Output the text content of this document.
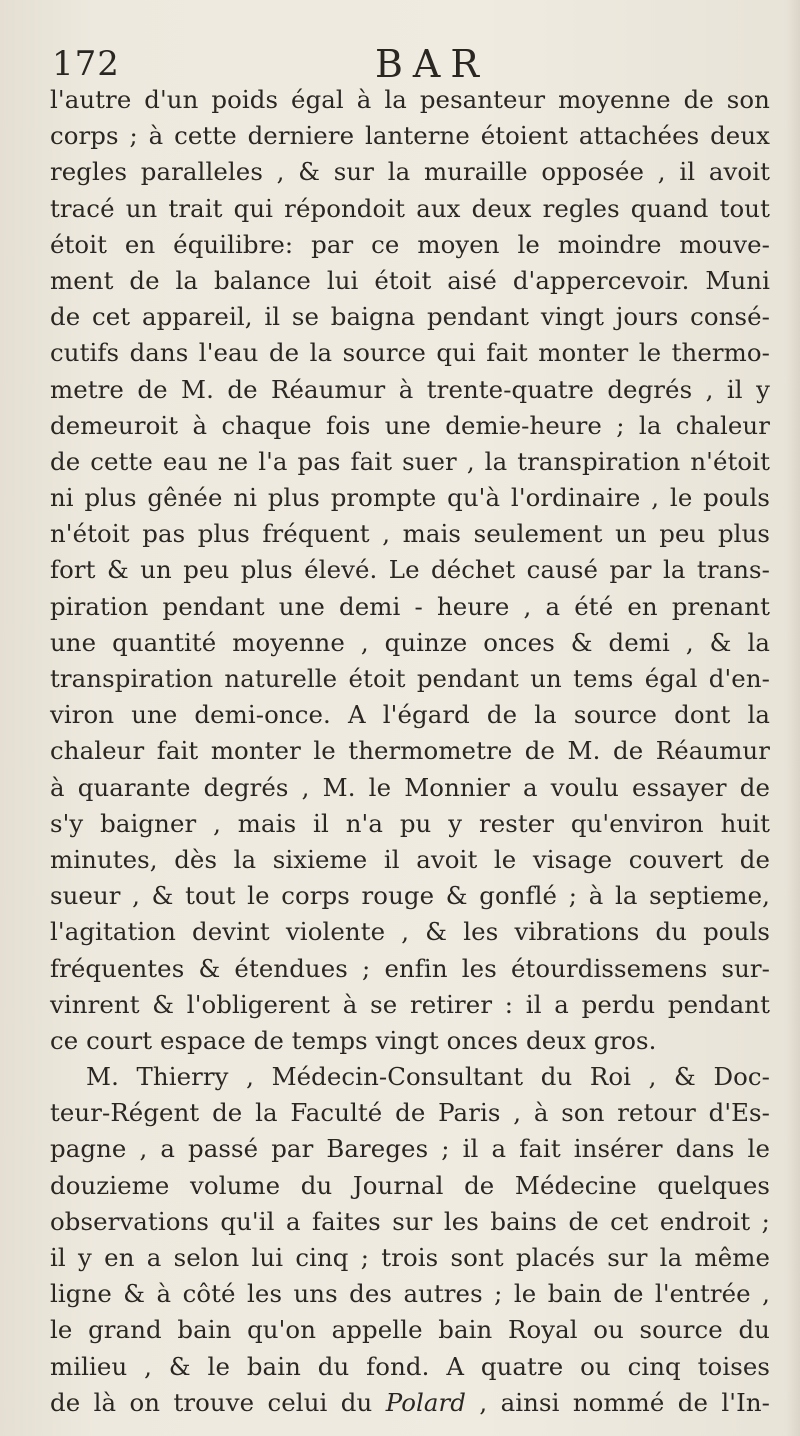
172	BAR
l'autre d'un poids égal à la pesanteur moyenne de son
corps ; à cette derniere lanterne étoient attachées deux
regles paralleles , & sur la muraille opposée , il avoit
tracé un trait qui répondoit aux deux regles quand tout
étoit en équilibre: par ce moyen le moindre mouve-
ment de la balance lui étoit aisé d'appercevoir. Muni
de cet appareil, il se baigna pendant vingt jours consé-
cutifs dans l'eau de la source qui fait monter le thermo-
metre de M. de Réaumur à trente-quatre degrés , il y
demeuroit à chaque fois une demie-heure ; la chaleur
de cette eau ne l'a pas fait suer , la transpiration n'étoit
ni plus gênée ni plus prompte qu'à l'ordinaire , le pouls
n'étoit pas plus fréquent , mais seulement un peu plus
fort & un peu plus élevé. Le déchet causé par la trans-
piration pendant une demi - heure , a été en prenant
une quantité moyenne , quinze onces & demi , & la
transpiration naturelle étoit pendant un tems égal d'en-
viron une demi-once. A l'égard de la source dont la
chaleur fait monter le thermometre de M. de Réaumur
à quarante degrés , M. le Monnier a voulu essayer de
s'y baigner , mais il n'a pu y rester qu'environ huit
minutes, dès la sixieme il avoit le visage couvert de
sueur , & tout le corps rouge & gonflé ; à la septieme,
l'agitation devint violente , & les vibrations du pouls
fréquentes & étendues ; enfin les étourdissemens sur-
vinrent & l'obligerent à se retirer : il a perdu pendant
ce court espace de temps vingt onces deux gros.
M. Thierry , Médecin-Consultant du Roi , & Doc-
teur-Régent de la Faculté de Paris , à son retour d'Es-
pagne , a passé par Bareges ; il a fait insérer dans le
douzieme volume du Journal de Médecine quelques
observations qu'il a faites sur les bains de cet endroit ;
il y en a selon lui cinq ; trois sont placés sur la même
ligne & à côté les uns des autres ; le bain de l'entrée ,
le grand bain qu'on appelle bain Royal ou source du
milieu , & le bain du fond. A quatre ou cinq toises
de là on trouve celui du Polard , ainsi nommé de l'In-
